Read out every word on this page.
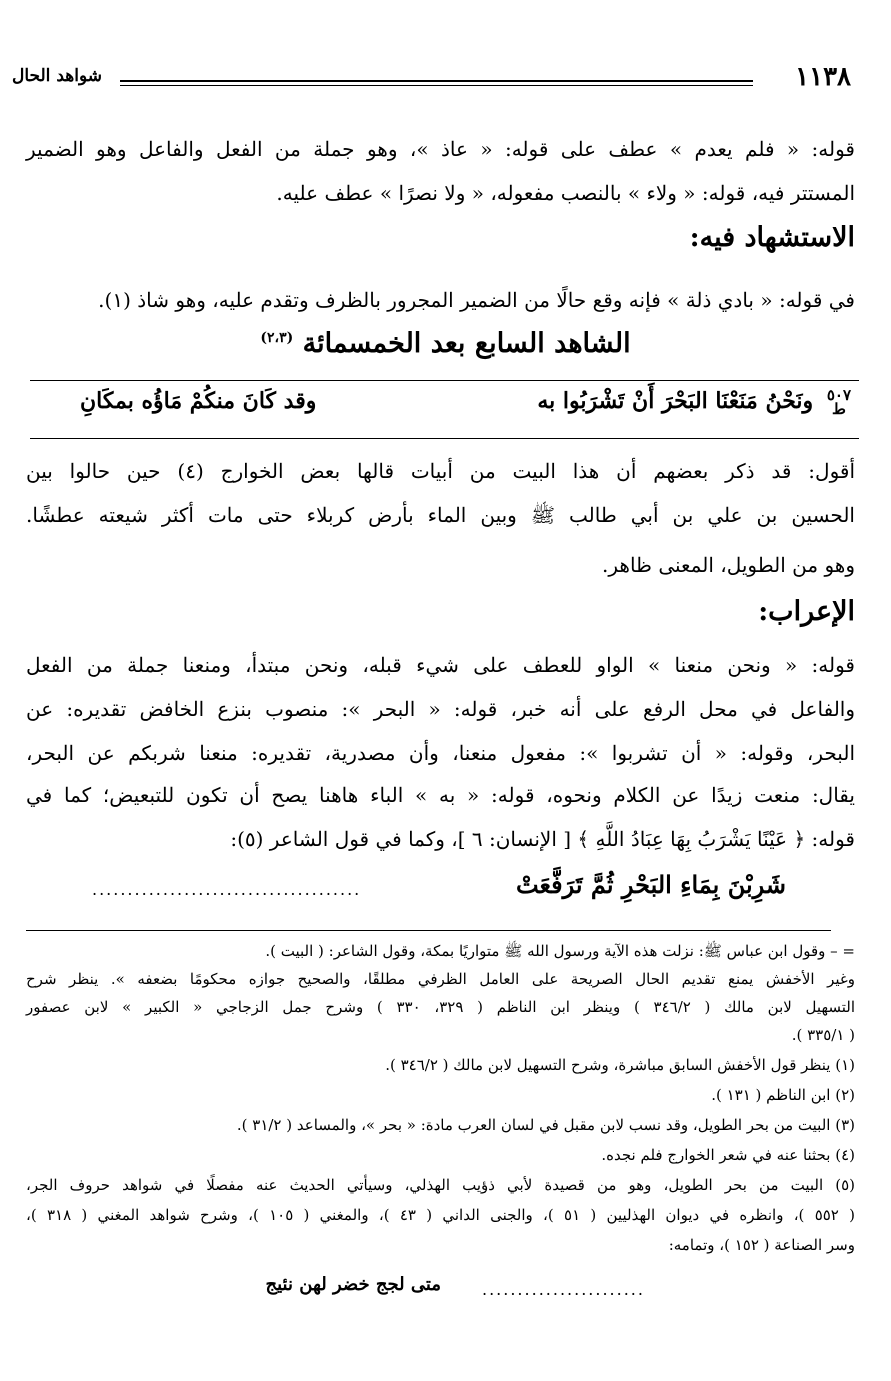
١١٣٨
شواهد الحال
قوله: « فلم يعدم » عطف على قوله: « عاذ »، وهو جملة من الفعل والفاعل وهو الضمير
المستتر فيه، قوله: « ولاء » بالنصب مفعوله، « ولا نصرًا » عطف عليه.
الاستشهاد فيه:
في قوله: « بادي ذلة » فإنه وقع حالًا من الضمير المجرور بالظرف وتقدم عليه، وهو شاذ (١).
الشاهد السابع بعد الخمسمائة $^{(٢،٣)}$
٥٠٧
ط ونَحْنُ مَنَعْنَا البَحْرَ أَنْ تَشْرَبُوا به
وقد كَانَ منكُمْ مَاؤُه بمكَانِ
أقول: قد ذكر بعضهم أن هذا البيت من أبيات قالها بعض الخوارج (٤) حين حالوا بين
الحسين بن علي بن أبي طالب ﷺ وبين الماء بأرض كربلاء حتى مات أكثر شيعته عطشًا.
وهو من الطويل، المعنى ظاهر.
الإعراب:
قوله: « ونحن منعنا » الواو للعطف على شيء قبله، ونحن مبتدأ، ومنعنا جملة من الفعل
والفاعل في محل الرفع على أنه خبر، قوله: « البحر »: منصوب بنزع الخافض تقديره: عن
البحر، وقوله: « أن تشربوا »: مفعول منعنا، وأن مصدرية، تقديره: منعنا شربكم عن البحر،
يقال: منعت زيدًا عن الكلام ونحوه، قوله: « به » الباء هاهنا يصح أن تكون للتبعيض؛ كما في
قوله: ﴿ عَيْنًا يَشْرَبُ بِهَا عِبَادُ اللَّهِ ﴾ [ الإنسان: ٦ ]، وكما في قول الشاعر (٥):
شَرِبْنَ بِمَاءِ البَحْرِ ثُمَّ تَرَفَّعَتْ
......................................
= – وقول ابن عباس ﷺ: نزلت هذه الآية ورسول الله ﷺ متواريًا بمكة، وقول الشاعر: ( البيت ).
وغير الأخفش يمنع تقديم الحال الصريحة على العامل الظرفي مطلقًا، والصحيح جوازه محكومًا بضعفه ». ينظر شرح
التسهيل لابن مالك ( ٣٤٦/٢ ) وينظر ابن الناظم ( ٣٢٩، ٣٣٠ ) وشرح جمل الزجاجي « الكبير » لابن عصفور
( ٣٣٥/١ ).
(١) ينظر قول الأخفش السابق مباشرة، وشرح التسهيل لابن مالك ( ٣٤٦/٢ ).
(٢) ابن الناظم ( ١٣١ ).
(٣) البيت من بحر الطويل، وقد نسب لابن مقبل في لسان العرب مادة: « بحر »، والمساعد ( ٣١/٢ ).
(٤) بحثنا عنه في شعر الخوارج فلم نجده.
(٥) البيت من بحر الطويل، وهو من قصيدة لأبي ذؤيب الهذلي، وسيأتي الحديث عنه مفصلًا في شواهد حروف الجر،
( ٥٥٢ )، وانظره في ديوان الهذليين ( ٥١ )، والجنى الداني ( ٤٣ )، والمغني ( ١٠٥ )، وشرح شواهد المغني ( ٣١٨ )،
وسر الصناعة ( ١٥٢ )، وتمامه:
متى لجج خضر لهن نئيج	.......................
